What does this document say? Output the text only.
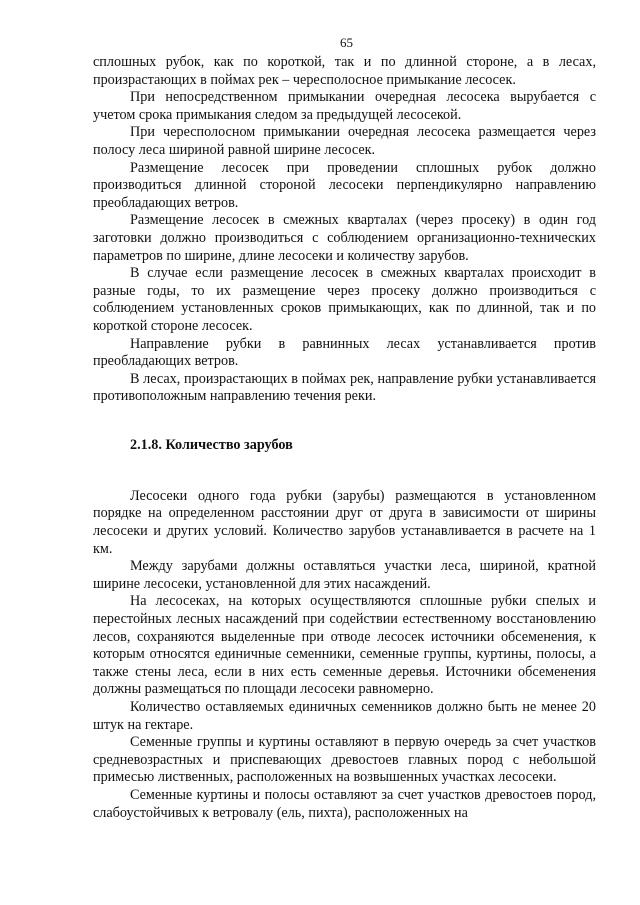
65

сплошных рубок, как по короткой, так и по длинной стороне, а в лесах, произрастающих в поймах рек – чересполосное примыкание лесосек.

При непосредственном примыкании очередная лесосека вырубается с учетом срока примыкания следом за предыдущей лесосекой.

При чересполосном примыкании очередная лесосека размещается через полосу леса шириной равной ширине лесосек.

Размещение лесосек при проведении сплошных рубок должно производиться длинной стороной лесосеки перпендикулярно направлению преобладающих ветров.

Размещение лесосек в смежных кварталах (через просеку) в один год заготовки должно производиться с соблюдением организационно-технических параметров по ширине, длине лесосеки и количеству зарубов.

В случае если размещение лесосек в смежных кварталах происходит в разные годы, то их размещение через просеку должно производиться с соблюдением установленных сроков примыкающих, как по длинной, так и по короткой стороне лесосек.

Направление рубки в равнинных лесах устанавливается против преобладающих ветров.

В лесах, произрастающих в поймах рек, направление рубки устанавливается противоположным направлению течения реки.

2.1.8. Количество зарубов

Лесосеки одного года рубки (зарубы) размещаются в установленном порядке на определенном расстоянии друг от друга в зависимости от ширины лесосеки и других условий. Количество зарубов устанавливается в расчете на 1 км.

Между зарубами должны оставляться участки леса, шириной, кратной ширине лесосеки, установленной для этих насаждений.

На лесосеках, на которых осуществляются сплошные рубки спелых и перестойных лесных насаждений при содействии естественному восстановлению лесов, сохраняются выделенные при отводе лесосек источники обсеменения, к которым относятся единичные семенники, семенные группы, куртины, полосы, а также стены леса, если в них есть семенные деревья. Источники обсеменения должны размещаться по площади лесосеки равномерно.

Количество оставляемых единичных семенников должно быть не менее 20 штук на гектаре.

Семенные группы и куртины оставляют в первую очередь за счет участков средневозрастных и приспевающих древостоев главных пород с небольшой примесью лиственных, расположенных на возвышенных участках лесосеки.

Семенные куртины и полосы оставляют за счет участков древостоев пород, слабоустойчивых к ветровалу (ель, пихта), расположенных на
